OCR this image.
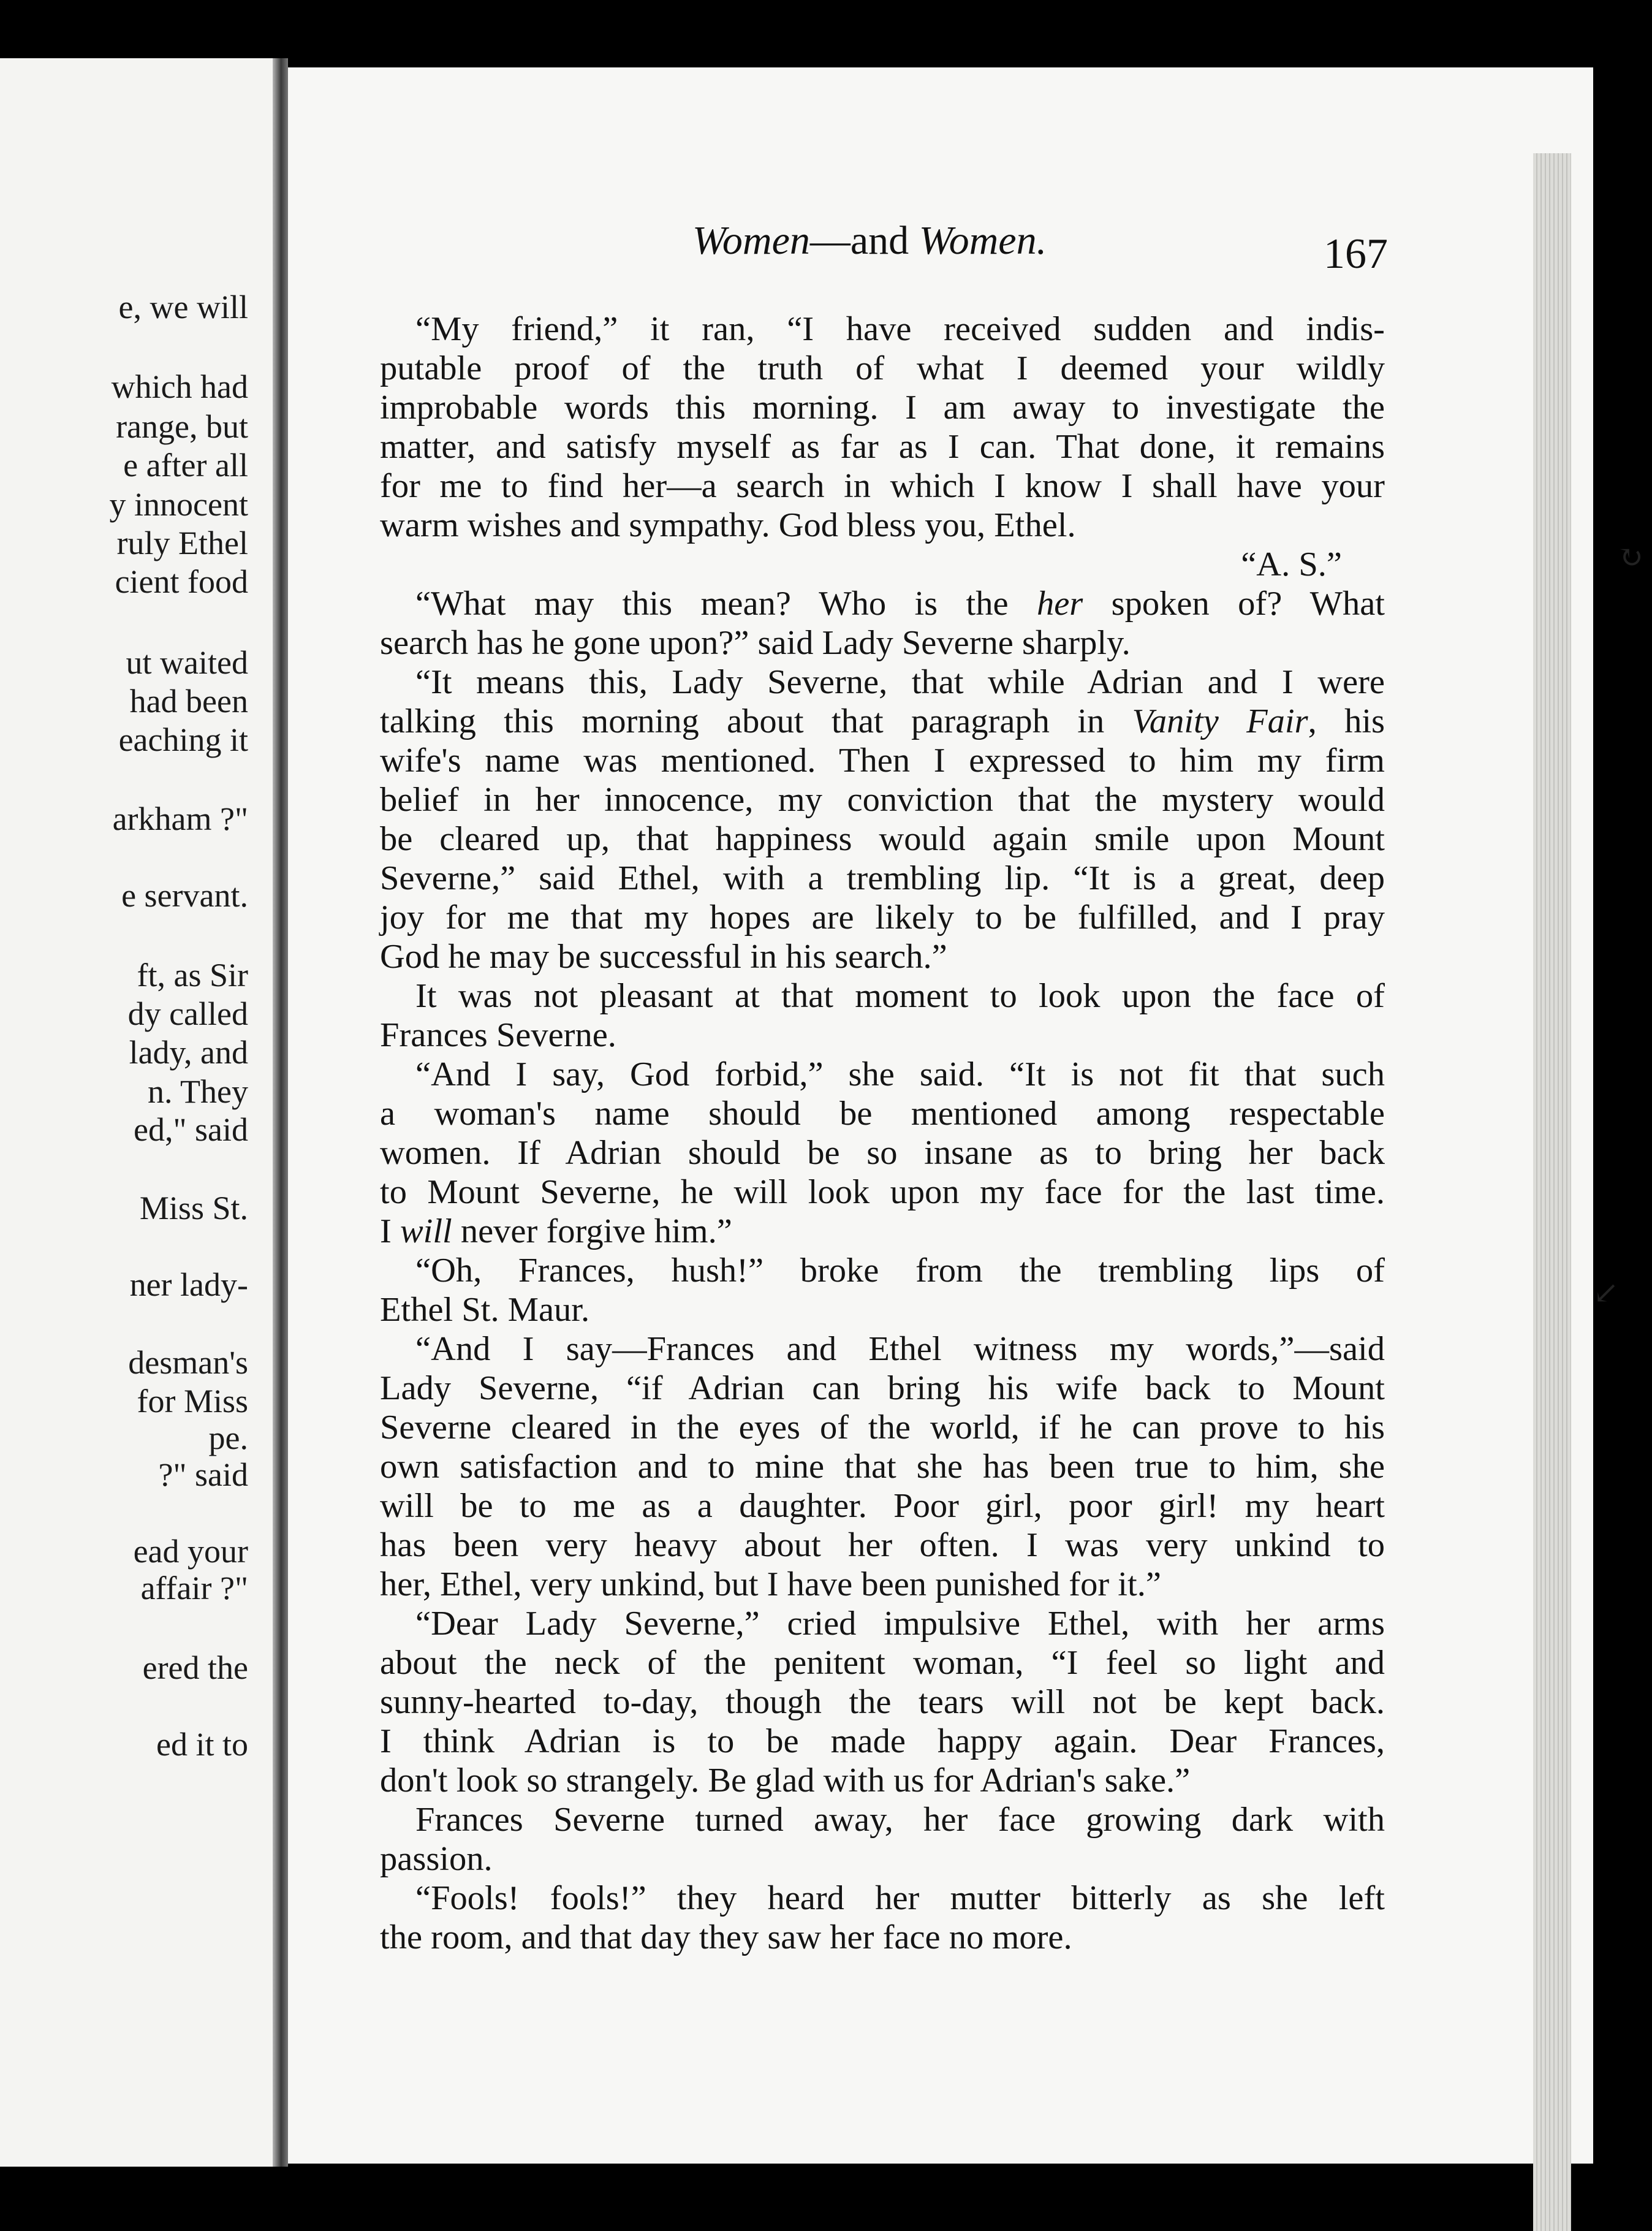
e, we will
which had
range, but
e after all
y innocent
ruly Ethel
cient food
ut waited
had been
eaching it
arkham ?"
e servant.
ft, as Sir
dy called
lady, and
n. They
ed," said
Miss St.
ner lady-
desman's
for Miss
pe.
?" said
ead your
affair ?"
ered the
ed it to
Women—and Women.	167
“My friend,” it ran, “I have received sudden and indis-
putable proof of the truth of what I deemed your wildly
improbable words this morning. I am away to investigate the
matter, and satisfy myself as far as I can. That done, it remains
for me to find her—a search in which I know I shall have your
warm wishes and sympathy. God bless you, Ethel.
“A. S.”
“What may this mean? Who is the her spoken of? What
search has he gone upon?” said Lady Severne sharply.
“It means this, Lady Severne, that while Adrian and I were
talking this morning about that paragraph in Vanity Fair, his
wife's name was mentioned. Then I expressed to him my firm
belief in her innocence, my conviction that the mystery would
be cleared up, that happiness would again smile upon Mount
Severne,” said Ethel, with a trembling lip. “It is a great, deep
joy for me that my hopes are likely to be fulfilled, and I pray
God he may be successful in his search.”
It was not pleasant at that moment to look upon the face of
Frances Severne.
“And I say, God forbid,” she said. “It is not fit that such
a woman's name should be mentioned among respectable
women. If Adrian should be so insane as to bring her back
to Mount Severne, he will look upon my face for the last time.
I will never forgive him.”
“Oh, Frances, hush!” broke from the trembling lips of
Ethel St. Maur.
“And I say—Frances and Ethel witness my words,”—said
Lady Severne, “if Adrian can bring his wife back to Mount
Severne cleared in the eyes of the world, if he can prove to his
own satisfaction and to mine that she has been true to him, she
will be to me as a daughter. Poor girl, poor girl! my heart
has been very heavy about her often. I was very unkind to
her, Ethel, very unkind, but I have been punished for it.”
“Dear Lady Severne,” cried impulsive Ethel, with her arms
about the neck of the penitent woman, “I feel so light and
sunny-hearted to-day, though the tears will not be kept back.
I think Adrian is to be made happy again. Dear Frances,
don't look so strangely. Be glad with us for Adrian's sake.”
Frances Severne turned away, her face growing dark with
passion.
“Fools! fools!” they heard her mutter bitterly as she left
the room, and that day they saw her face no more.
↻
↙
